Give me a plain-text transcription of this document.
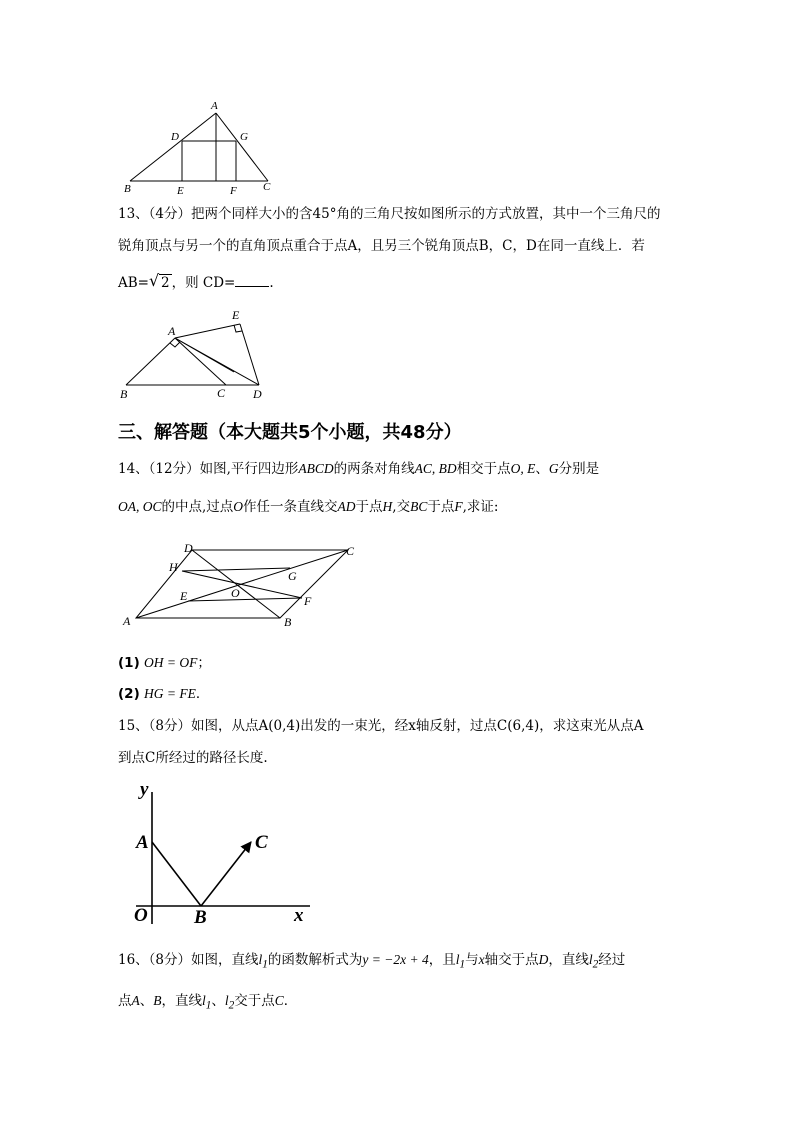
A
D	G
B	E	F C
13、（4分）把两个同样大小的含45°角的三角尺按如图所示的方式放置，其中一个三角尺的
锐角顶点与另一个的直角顶点重合于点A，且另三个锐角顶点B，C，D在同一直线上．若
AB= √ 2 ，则 CD=	.
A
E
B	C D
三、解答题（本大题共5个小题，共48分）
14、（12分）如图,平行四边形ABCD的两条对角线AC, BD相交于点O, E、G分别是
OA, OC的中点,过点O作任一条直线交AD于点H,交BC于点F,求证:
D	C
H
G
E	O
F
A	B
(1) OH = OF；
(2) HG = FE．
15、（8分）如图，从点A(0,4)出发的一束光，经x轴反射，过点C(6,4)，求这束光从点A
到点C所经过的路径长度.
y
A	C
O B	x
16、（8分）如图，直线$l_1$的函数解析式为y = −2x + 4，且$l_1$与x轴交于点D，直线$l_2$经过
点A、B，直线$l_1$、$l_2$交于点C．
